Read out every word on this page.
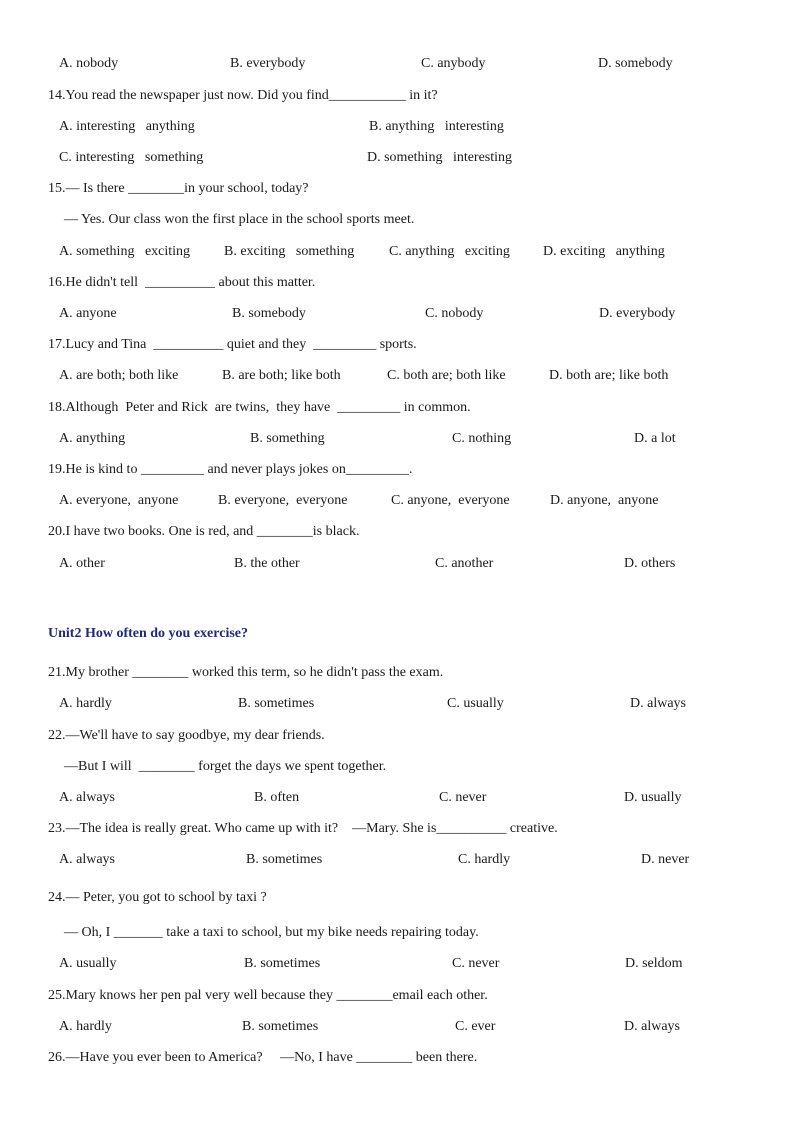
A. nobody	B. everybody	C. anybody	D. somebody
14.You read the newspaper just now. Did you find___________ in it?
A. interesting   anything	B. anything   interesting
C. interesting   something	D. something   interesting
15.— Is there ________in your school, today?
— Yes. Our class won the first place in the school sports meet.
A. something   exciting B. exciting   something C. anything   exciting D. exciting   anything
16.He didn't tell  __________ about this matter.
A. anyone	B. somebody	C. nobody	D. everybody
17.Lucy and Tina  __________ quiet and they  _________ sports.
A. are both; both like	B. are both; like both	C. both are; both like	D. both are; like both
18.Although  Peter and Rick  are twins,  they have  _________ in common.
A. anything	B. something	C. nothing	D. a lot
19.He is kind to _________ and never plays jokes on_________.
A. everyone,  anyone	B. everyone,  everyone	C. anyone,  everyone	D. anyone,  anyone
20.I have two books. One is red, and ________is black.
A. other	B. the other	C. another	D. others
Unit2 How often do you exercise?
21.My brother ________ worked this term, so he didn't pass the exam.
A. hardly	B. sometimes	C. usually	D. always
22.—We'll have to say goodbye, my dear friends.
—But I will  ________ forget the days we spent together.
A. always	B. often	C. never	D. usually
23.—The idea is really great. Who came up with it?    —Mary. She is__________ creative.
A. always	B. sometimes	C. hardly	D. never
24.— Peter, you got to school by taxi ?
— Oh, I _______ take a taxi to school, but my bike needs repairing today.
A. usually	B. sometimes	C. never	D. seldom
25.Mary knows her pen pal very well because they ________email each other.
A. hardly	B. sometimes	C. ever	D. always
26.—Have you ever been to America?     —No, I have ________ been there.
